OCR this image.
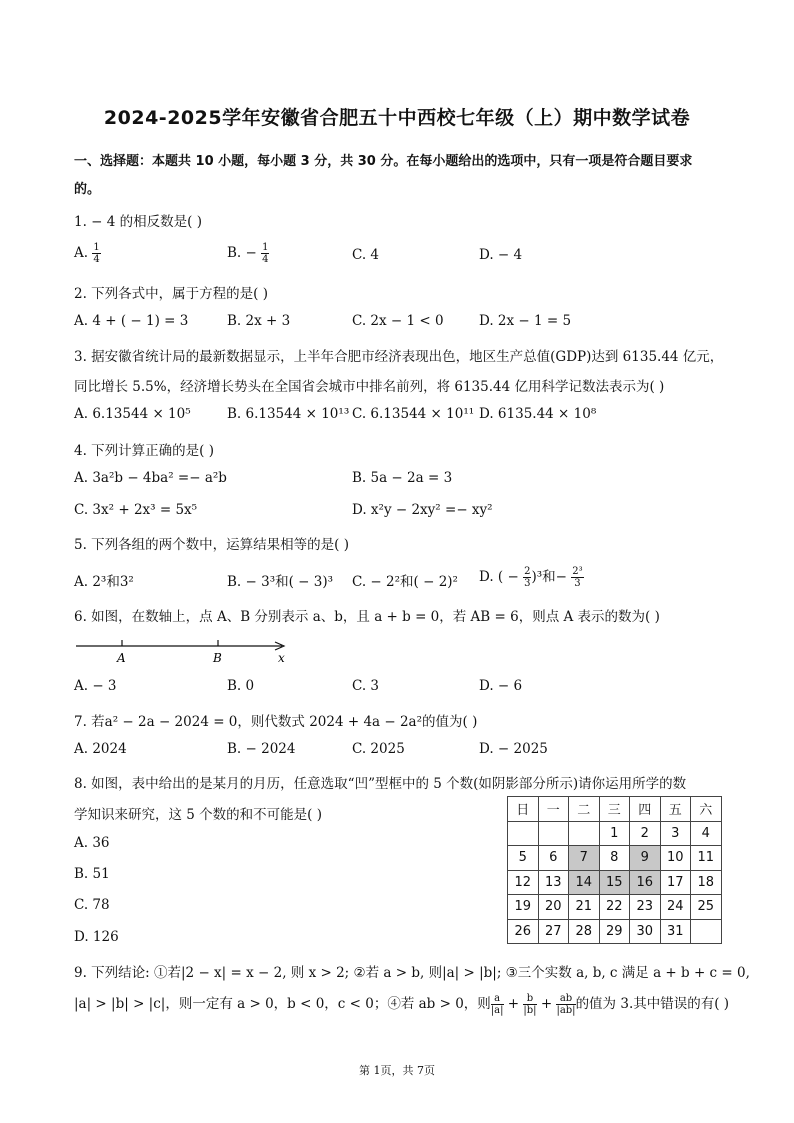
2024-2025学年安徽省合肥五十中西校七年级（上）期中数学试卷
一、选择题：本题共 10 小题，每小题 3 分，共 30 分。在每小题给出的选项中，只有一项是符合题目要求
的。
1. − 4 的相反数是( )
A. $\frac{1}{4}$	B. − $\frac{1}{4}$	C. 4	D. − 4
2. 下列各式中，属于方程的是( )
A. 4 + ( − 1) = 3	B. 2x + 3	C. 2x − 1 < 0	D. 2x − 1 = 5
3. 据安徽省统计局的最新数据显示，上半年合肥市经济表现出色，地区生产总值(GDP)达到 6135.44 亿元，
同比增长 5.5%，经济增长势头在全国省会城市中排名前列，将 6135.44 亿用科学记数法表示为( )
A. 6.13544 × 10⁵	B. 6.13544 × 10¹³ C. 6.13544 × 10¹¹ D. 6135.44 × 10⁸
4. 下列计算正确的是( )
A. 3a²b − 4ba² =− a²b	B. 5a − 2a = 3
C. 3x² + 2x³ = 5x⁵	D. x²y − 2xy² =− xy²
5. 下列各组的两个数中，运算结果相等的是( )
A. 2³和3²	B. − 3³和( − 3)³ C. − 2²和( − 2)² D. ( − $\frac{2}{3} )^3$和− $\frac{\text{2³}}{3}$
6. 如图，在数轴上，点 A、B 分别表示 a、b，且 a + b = 0，若 AB = 6，则点 A 表示的数为( )
A	B	x
A. − 3	B. 0	C. 3	D. − 6
7. 若a² − 2a − 2024 = 0，则代数式 2024 + 4a − 2a²的值为( )
A. 2024	B. − 2024	C. 2025	D. − 2025
8. 如图，表中给出的是某月的月历，任意选取“凹”型框中的 5 个数(如阴影部分所示)请你运用所学的数
学知识来研究，这 5 个数的和不可能是( )
A. 36
B. 51
C. 78
D. 126
日	一	二	三	四	五	六
			1	2	3	4
5	6	7	8	9	10	11
12	13	14	15	16	17	18
19	20	21	22	23	24	25
26	27	28	29	30	31	
9. 下列结论: ①若|2 − x| = x − 2, 则 x > 2; ②若 a > b, 则|a| > |b|; ③三个实数 a, b, c 满足 a + b + c = 0,
|a| > |b| > |c|，则一定有 a > 0，b < 0，c < 0；④若 ab > 0，则 $\frac{a}{|a|} + \frac{b}{|b|} + \frac{ab}{|ab|}$ 的值为 3.其中错误的有( )
第 1页，共 7页
